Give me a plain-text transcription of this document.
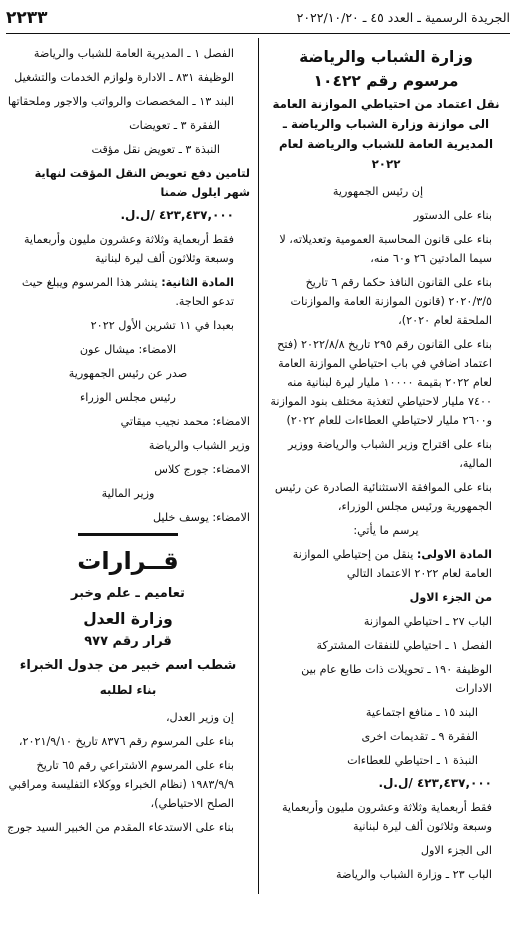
الجريدة الرسمية ـ العدد ٤٥ ـ ٢٠٢٢/١٠/٢٠
٢٢٣٣
وزارة الشباب والرياضة
مرسوم رقم ١٠٤٢٢
نقل اعتماد من احتياطي الموازنة العامة الى موازنة وزارة الشباب والرياضة ـ المديرية العامة للشباب والرياضة لعام ٢٠٢٢
إن رئيس الجمهورية
بناء على الدستور
بناء على قانون المحاسبة العمومية وتعديلاته، لا سيما المادتين ٢٦ و٦٠ منه،
بناء على القانون النافذ حكما رقم ٦ تاريخ ٢٠٢٠/٣/٥ (قانون الموازنة العامة والموازنات الملحقة لعام ٢٠٢٠)،
بناء على القانون رقم ٢٩٥ تاريخ ٢٠٢٢/٨/٨ (فتح اعتماد اضافي في باب احتياطي الموازنة العامة لعام ٢٠٢٢ بقيمة ١٠٠٠٠ مليار ليرة لبنانية منه ٧٤٠٠ مليار لاحتياطي لتغذية مختلف بنود الموازنة و٢٦٠٠ مليار لاحتياطي العطاءات للعام ٢٠٢٢)
بناء على اقتراح وزير الشباب والرياضة ووزير المالية،
بناء على الموافقة الاستثنائية الصادرة عن رئيس الجمهورية ورئيس مجلس الوزراء،
يرسم ما يأتي:
المادة الاولى: ينقل من إحتياطي الموازنة العامة لعام ٢٠٢٢ الاعتماد التالي
من الجزء الاول
الباب ٢٧ ـ احتياطي الموازنة
الفصل ١ ـ احتياطي للنفقات المشتركة
الوظيفة ١٩٠ ـ تحويلات ذات طابع عام بين الادارات
البند ١٥ ـ منافع اجتماعية
الفقرة ٩ ـ تقديمات اخرى
النبذة ١ ـ احتياطي للعطاءات
٤٢٣,٤٣٧,٠٠٠ /ل.ل.
فقط أربعماية وثلاثة وعشرون مليون وأربعماية وسبعة وثلاثون ألف ليرة لبنانية
الى الجزء الاول
الباب ٢٣ ـ وزارة الشباب والرياضة
الفصل ١ ـ المديرية العامة للشباب والرياضة
الوظيفة ٨٣١ ـ الادارة ولوازم الخدمات والتشغيل
البند ١٣ ـ المخصصات والرواتب والاجور وملحقاتها
الفقرة ٣ ـ تعويضات
النبذة ٣ ـ تعويض نقل مؤقت
لتامين دفع تعويض النقل المؤقت لنهاية شهر ايلول ضمنا
٤٢٣,٤٣٧,٠٠٠ /ل.ل.
فقط أربعماية وثلاثة وعشرون مليون وأربعماية وسبعة وثلاثون ألف ليرة لبنانية
المادة الثانية: ينشر هذا المرسوم ويبلغ حيث تدعو الحاجة.
بعبدا في ١١ تشرين الأول ٢٠٢٢
الامضاء: ميشال عون
صدر عن رئيس الجمهورية
رئيس مجلس الوزراء
الامضاء: محمد نجيب ميقاتي
وزير الشباب والرياضة
الامضاء: جورج كلاس
وزير المالية
الامضاء: يوسف خليل
قــرارات
تعاميم ـ علم وخبر
وزارة العدل
قرار رقم ٩٧٧
شطب اسم خبير من جدول الخبراء
بناء لطلبه
إن وزير العدل،
بناء على المرسوم رقم ٨٣٧٦ تاريخ ٢٠٢١/٩/١٠،
بناء على المرسوم الاشتراعي رقم ٦٥ تاريخ ١٩٨٣/٩/٩ (نظام الخبراء ووكلاء التفليسة ومراقبي الصلح الاحتياطي)،
بناء على الاستدعاء المقدم من الخبير السيد جورج
